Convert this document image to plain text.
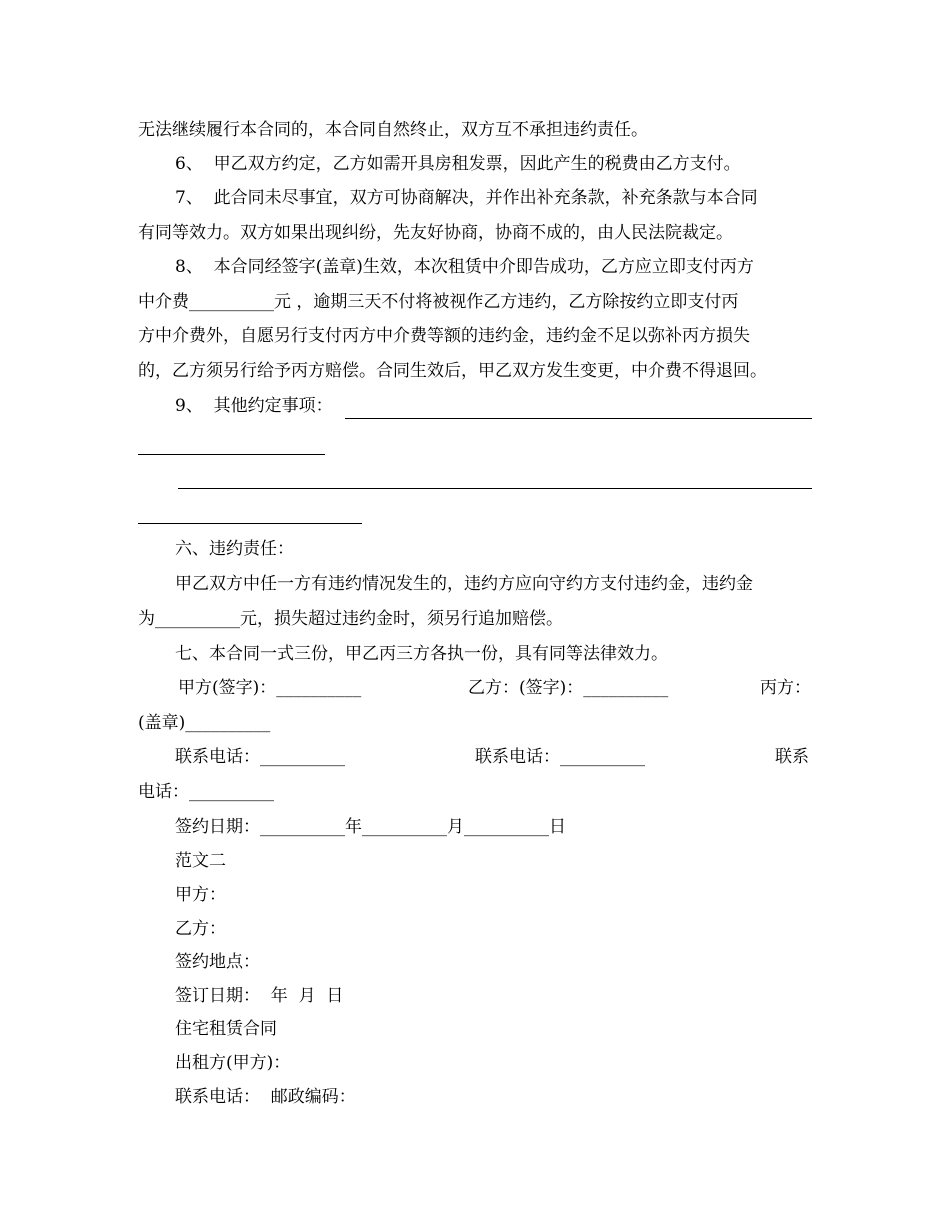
无法继续履行本合同的，本合同自然终止，双方互不承担违约责任。
6、  甲乙双方约定，乙方如需开具房租发票，因此产生的税费由乙方支付。
7、  此合同未尽事宜，双方可协商解决，并作出补充条款，补充条款与本合同
有同等效力。双方如果出现纠纷，先友好协商，协商不成的，由人民法院裁定。
8、  本合同经签字(盖章)生效，本次租赁中介即告成功，乙方应立即支付丙方
中介费__________元 ，逾期三天不付将被视作乙方违约，乙方除按约立即支付丙
方中介费外，自愿另行支付丙方中介费等额的违约金，违约金不足以弥补丙方损失
的，乙方须另行给予丙方赔偿。合同生效后，甲乙双方发生变更，中介费不得退回。
9、  其他约定事项：
六、违约责任：
甲乙双方中任一方有违约情况发生的，违约方应向守约方支付违约金，违约金
为__________元，损失超过违约金时，须另行追加赔偿。
七、本合同一式三份，甲乙丙三方各执一份，具有同等法律效力。
甲方(签字)：__________	乙方：(签字)：__________	丙方：
(盖章)__________
联系电话：__________	联系电话：__________	联系
电话：__________
签约日期：__________年__________月__________日
范文二
甲方：
乙方：
签约地点：
签订日期：  年  月  日
住宅租赁合同
出租方(甲方)：
联系电话：  邮政编码：
